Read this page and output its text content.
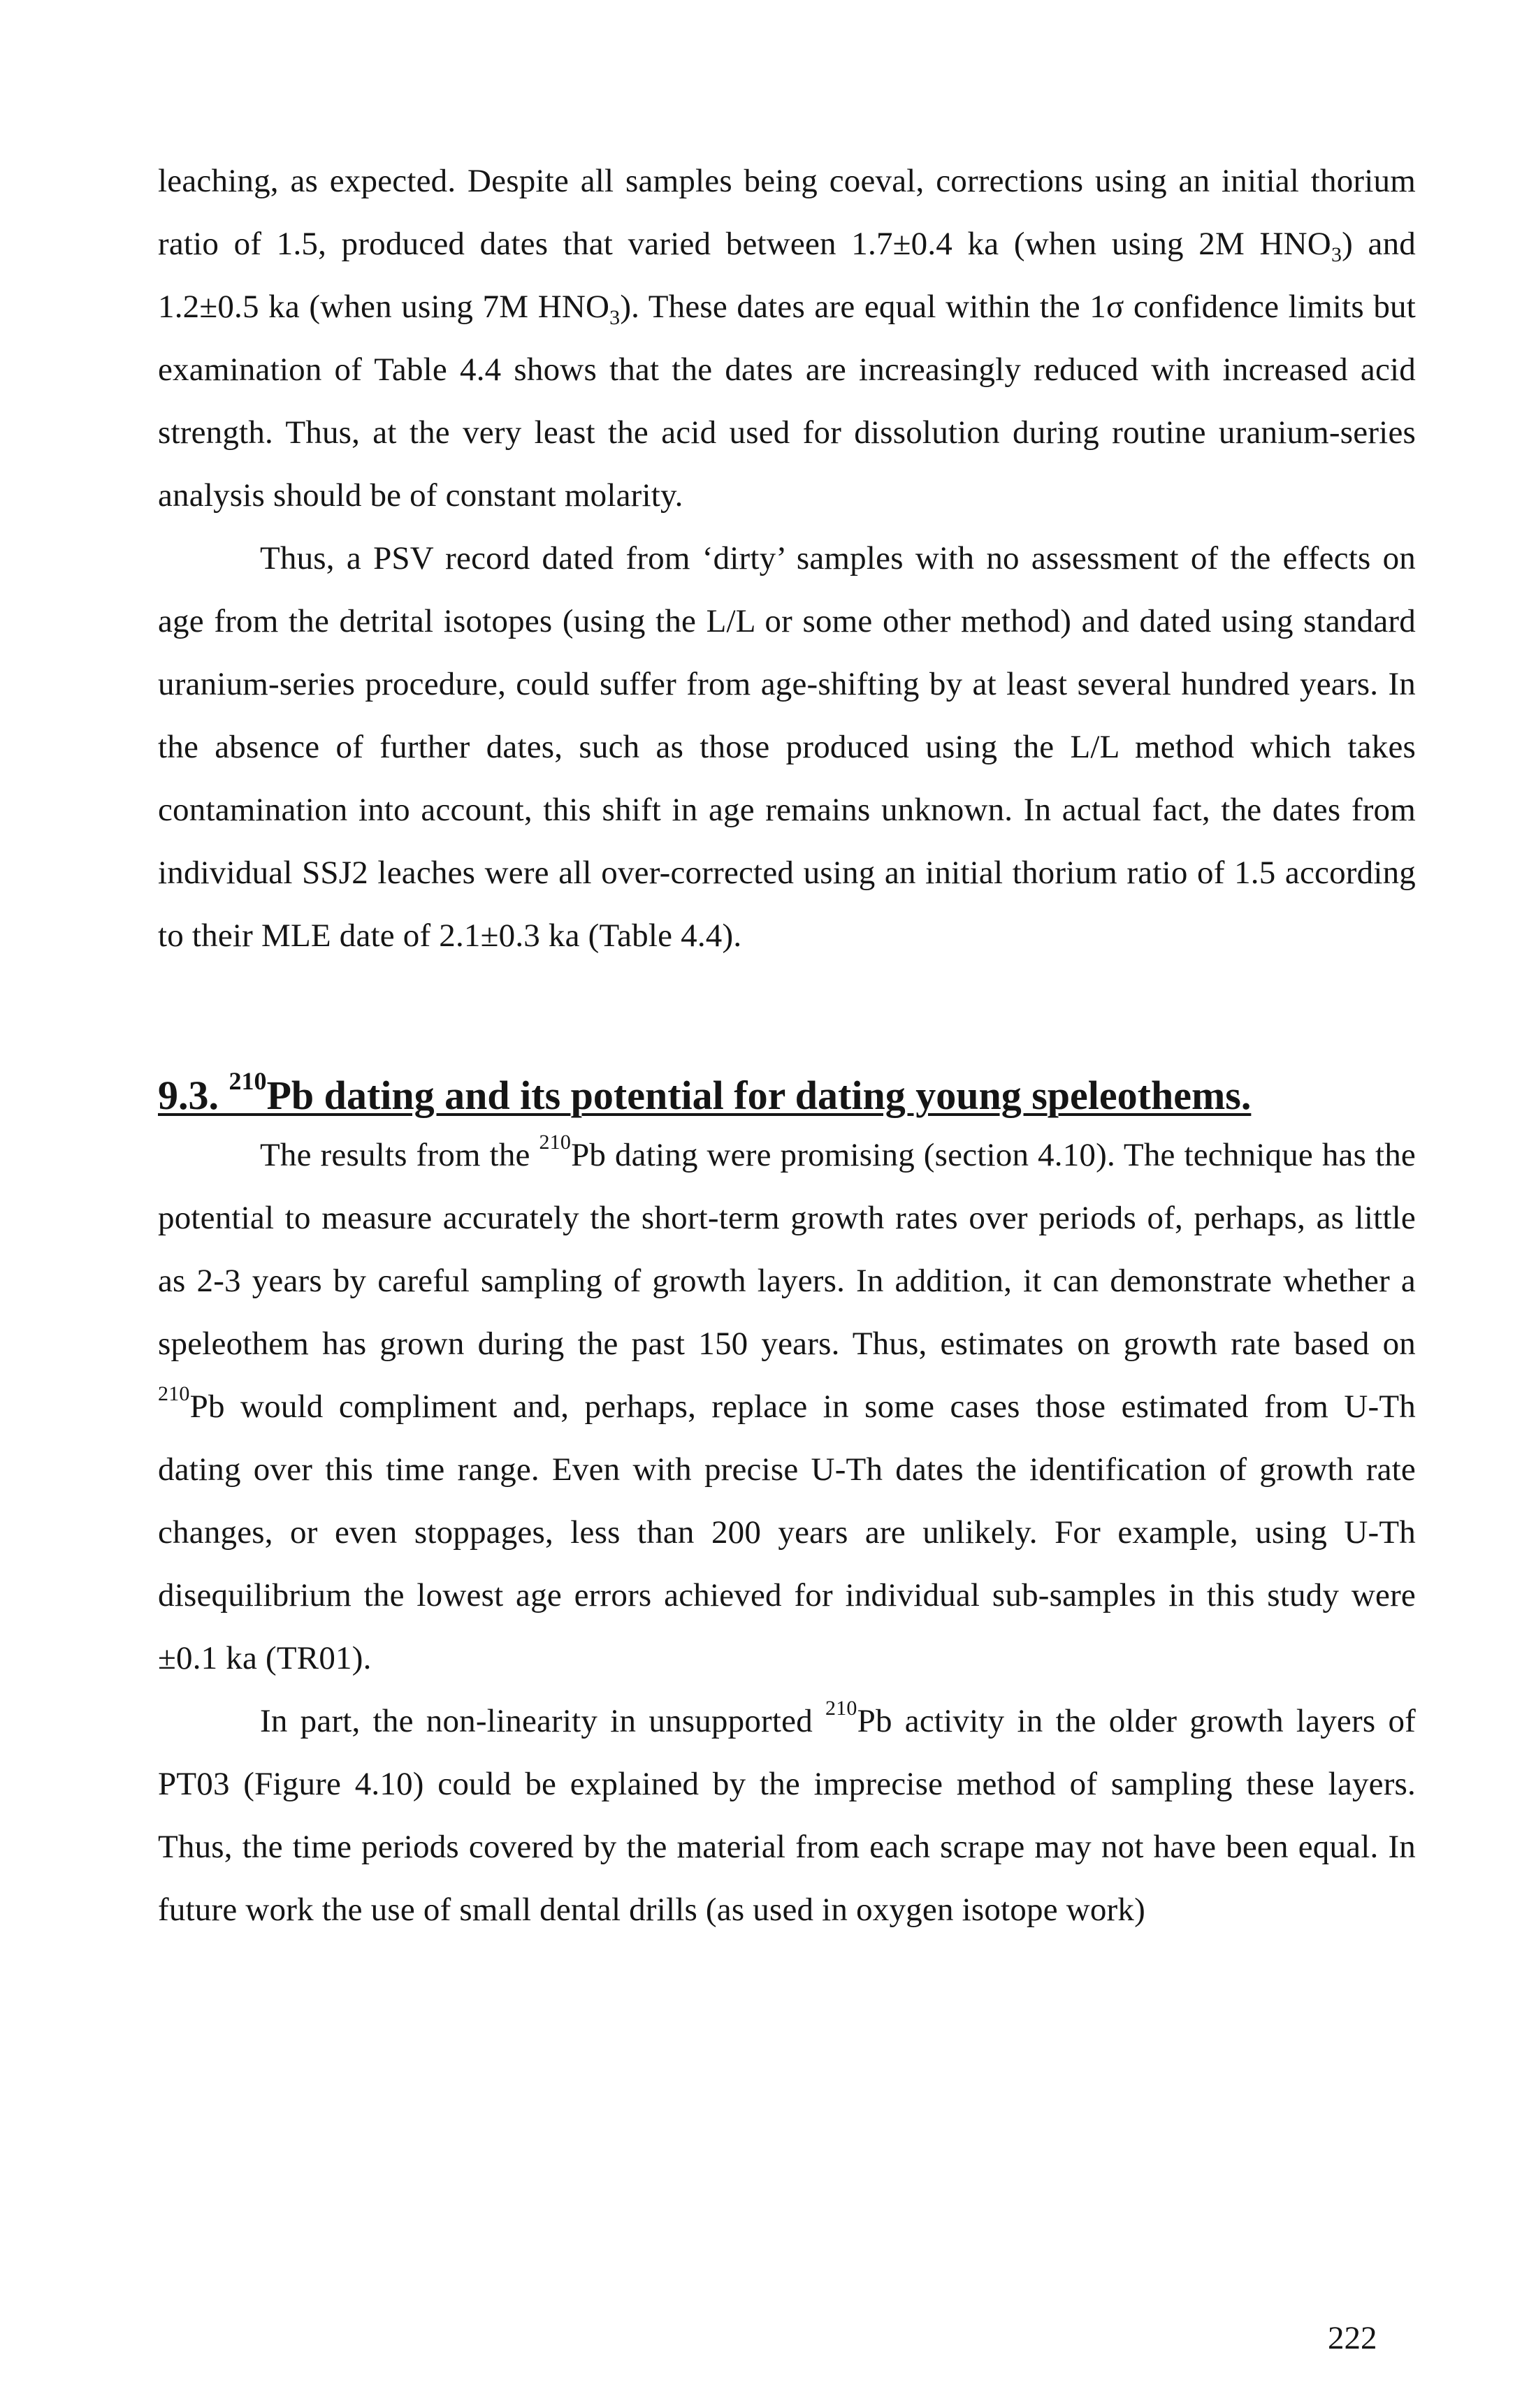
leaching, as expected. Despite all samples being coeval, corrections using an initial thorium ratio of 1.5, produced dates that varied between 1.7±0.4 ka (when using 2M $HNO_3$) and 1.2±0.5 ka (when using 7M $HNO_3$). These dates are equal within the 1σ confidence limits but examination of Table 4.4 shows that the dates are increasingly reduced with increased acid strength. Thus, at the very least the acid used for dissolution during routine uranium-series analysis should be of constant molarity.

Thus, a PSV record dated from ‘dirty’ samples with no assessment of the effects on age from the detrital isotopes (using the L/L or some other method) and dated using standard uranium-series procedure, could suffer from age-shifting by at least several hundred years. In the absence of further dates, such as those produced using the L/L method which takes contamination into account, this shift in age remains unknown. In actual fact, the dates from individual SSJ2 leaches were all over-corrected using an initial thorium ratio of 1.5 according to their MLE date of 2.1±0.3 ka (Table 4.4).

9.3. $^{210}$Pb dating and its potential for dating young speleothems.

The results from the $^{210}$Pb dating were promising (section 4.10). The technique has the potential to measure accurately the short-term growth rates over periods of, perhaps, as little as 2-3 years by careful sampling of growth layers. In addition, it can demonstrate whether a speleothem has grown during the past 150 years. Thus, estimates on growth rate based on $^{210}$Pb would compliment and, perhaps, replace in some cases those estimated from U-Th dating over this time range. Even with precise U-Th dates the identification of growth rate changes, or even stoppages, less than 200 years are unlikely. For example, using U-Th disequilibrium the lowest age errors achieved for individual sub-samples in this study were ±0.1 ka (TR01).

In part, the non-linearity in unsupported $^{210}$Pb activity in the older growth layers of PT03 (Figure 4.10) could be explained by the imprecise method of sampling these layers. Thus, the time periods covered by the material from each scrape may not have been equal. In future work the use of small dental drills (as used in oxygen isotope work)

222
